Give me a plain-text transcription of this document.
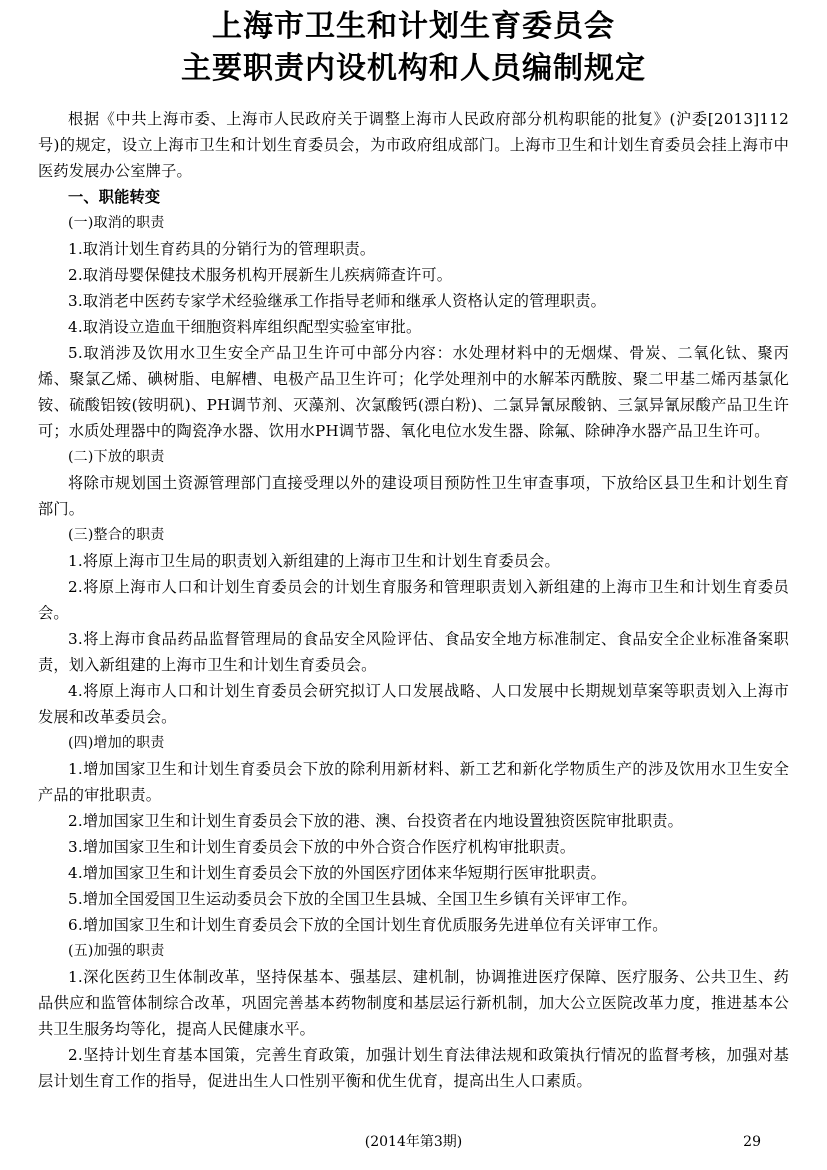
上海市卫生和计划生育委员会
主要职责内设机构和人员编制规定

根据《中共上海市委、上海市人民政府关于调整上海市人民政府部分机构职能的批复》(沪委[2013]112号)的规定，设立上海市卫生和计划生育委员会，为市政府组成部门。上海市卫生和计划生育委员会挂上海市中医药发展办公室牌子。

一、职能转变

(一)取消的职责

1.取消计划生育药具的分销行为的管理职责。

2.取消母婴保健技术服务机构开展新生儿疾病筛查许可。

3.取消老中医药专家学术经验继承工作指导老师和继承人资格认定的管理职责。

4.取消设立造血干细胞资料库组织配型实验室审批。

5.取消涉及饮用水卫生安全产品卫生许可中部分内容：水处理材料中的无烟煤、骨炭、二氧化钛、聚丙烯、聚氯乙烯、碘树脂、电解槽、电极产品卫生许可；化学处理剂中的水解苯丙酰胺、聚二甲基二烯丙基氯化铵、硫酸铝铵(铵明矾)、PH调节剂、灭藻剂、次氯酸钙(漂白粉)、二氯异氰尿酸钠、三氯异氰尿酸产品卫生许可；水质处理器中的陶瓷净水器、饮用水PH调节器、氧化电位水发生器、除氟、除砷净水器产品卫生许可。

(二)下放的职责

将除市规划国土资源管理部门直接受理以外的建设项目预防性卫生审查事项，下放给区县卫生和计划生育部门。

(三)整合的职责

1.将原上海市卫生局的职责划入新组建的上海市卫生和计划生育委员会。

2.将原上海市人口和计划生育委员会的计划生育服务和管理职责划入新组建的上海市卫生和计划生育委员会。

3.将上海市食品药品监督管理局的食品安全风险评估、食品安全地方标准制定、食品安全企业标准备案职责，划入新组建的上海市卫生和计划生育委员会。

4.将原上海市人口和计划生育委员会研究拟订人口发展战略、人口发展中长期规划草案等职责划入上海市发展和改革委员会。

(四)增加的职责

1.增加国家卫生和计划生育委员会下放的除利用新材料、新工艺和新化学物质生产的涉及饮用水卫生安全产品的审批职责。

2.增加国家卫生和计划生育委员会下放的港、澳、台投资者在内地设置独资医院审批职责。

3.增加国家卫生和计划生育委员会下放的中外合资合作医疗机构审批职责。

4.增加国家卫生和计划生育委员会下放的外国医疗团体来华短期行医审批职责。

5.增加全国爱国卫生运动委员会下放的全国卫生县城、全国卫生乡镇有关评审工作。

6.增加国家卫生和计划生育委员会下放的全国计划生育优质服务先进单位有关评审工作。

(五)加强的职责

1.深化医药卫生体制改革，坚持保基本、强基层、建机制，协调推进医疗保障、医疗服务、公共卫生、药品供应和监管体制综合改革，巩固完善基本药物制度和基层运行新机制，加大公立医院改革力度，推进基本公共卫生服务均等化，提高人民健康水平。

2.坚持计划生育基本国策，完善生育政策，加强计划生育法律法规和政策执行情况的监督考核，加强对基层计划生育工作的指导，促进出生人口性别平衡和优生优育，提高出生人口素质。

(2014年第3期)	29
